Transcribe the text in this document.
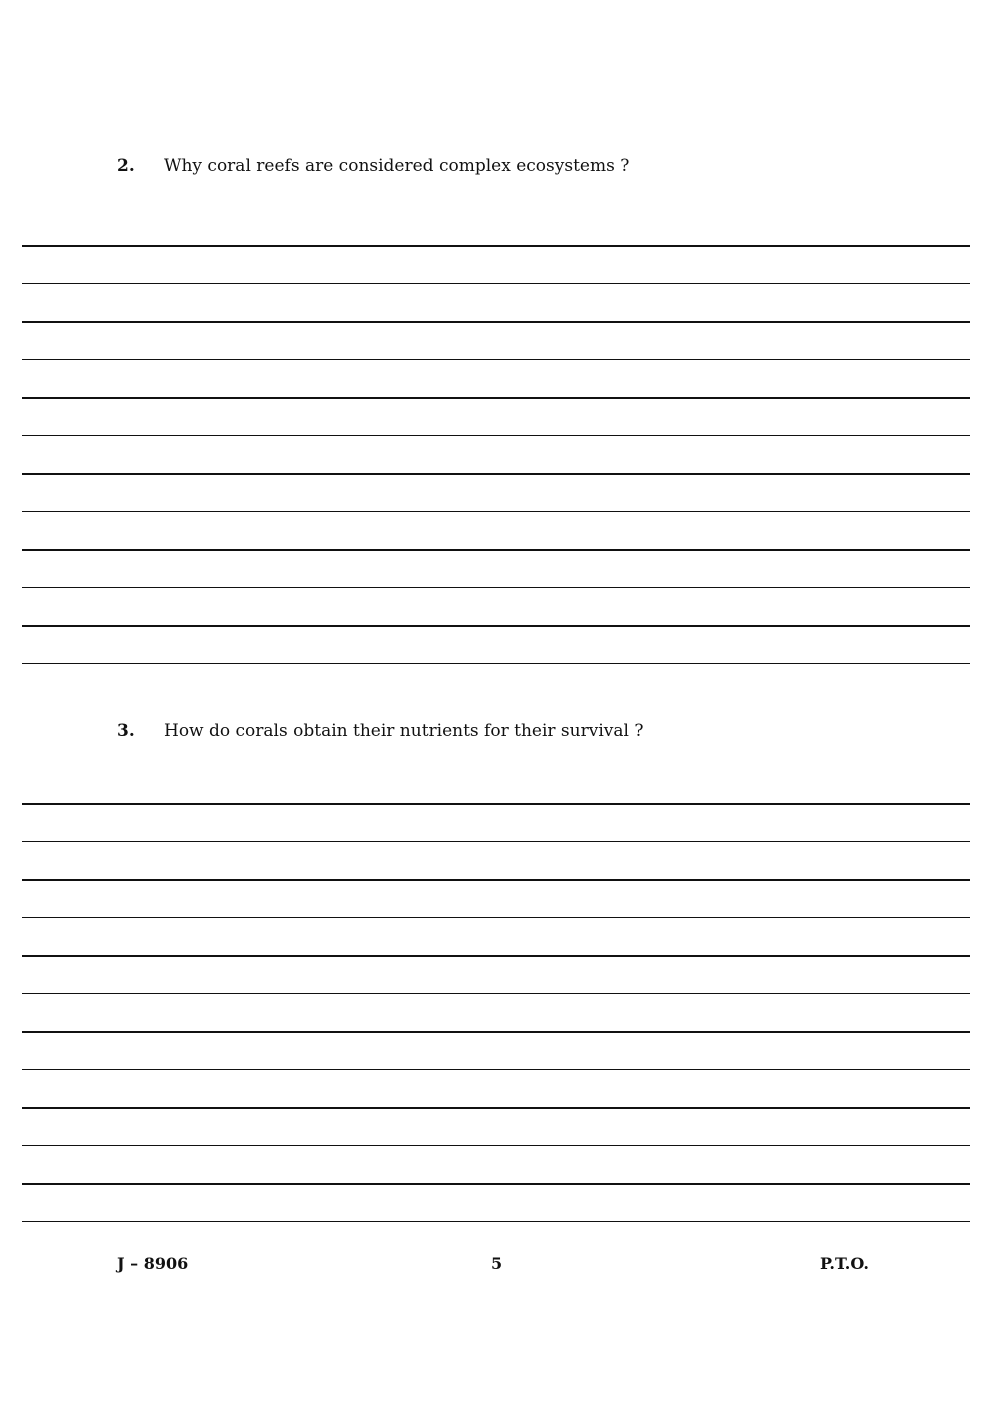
2. Why coral reefs are considered complex ecosystems ?
3. How do corals obtain their nutrients for their survival ?
J – 8906	5	P.T.O.
